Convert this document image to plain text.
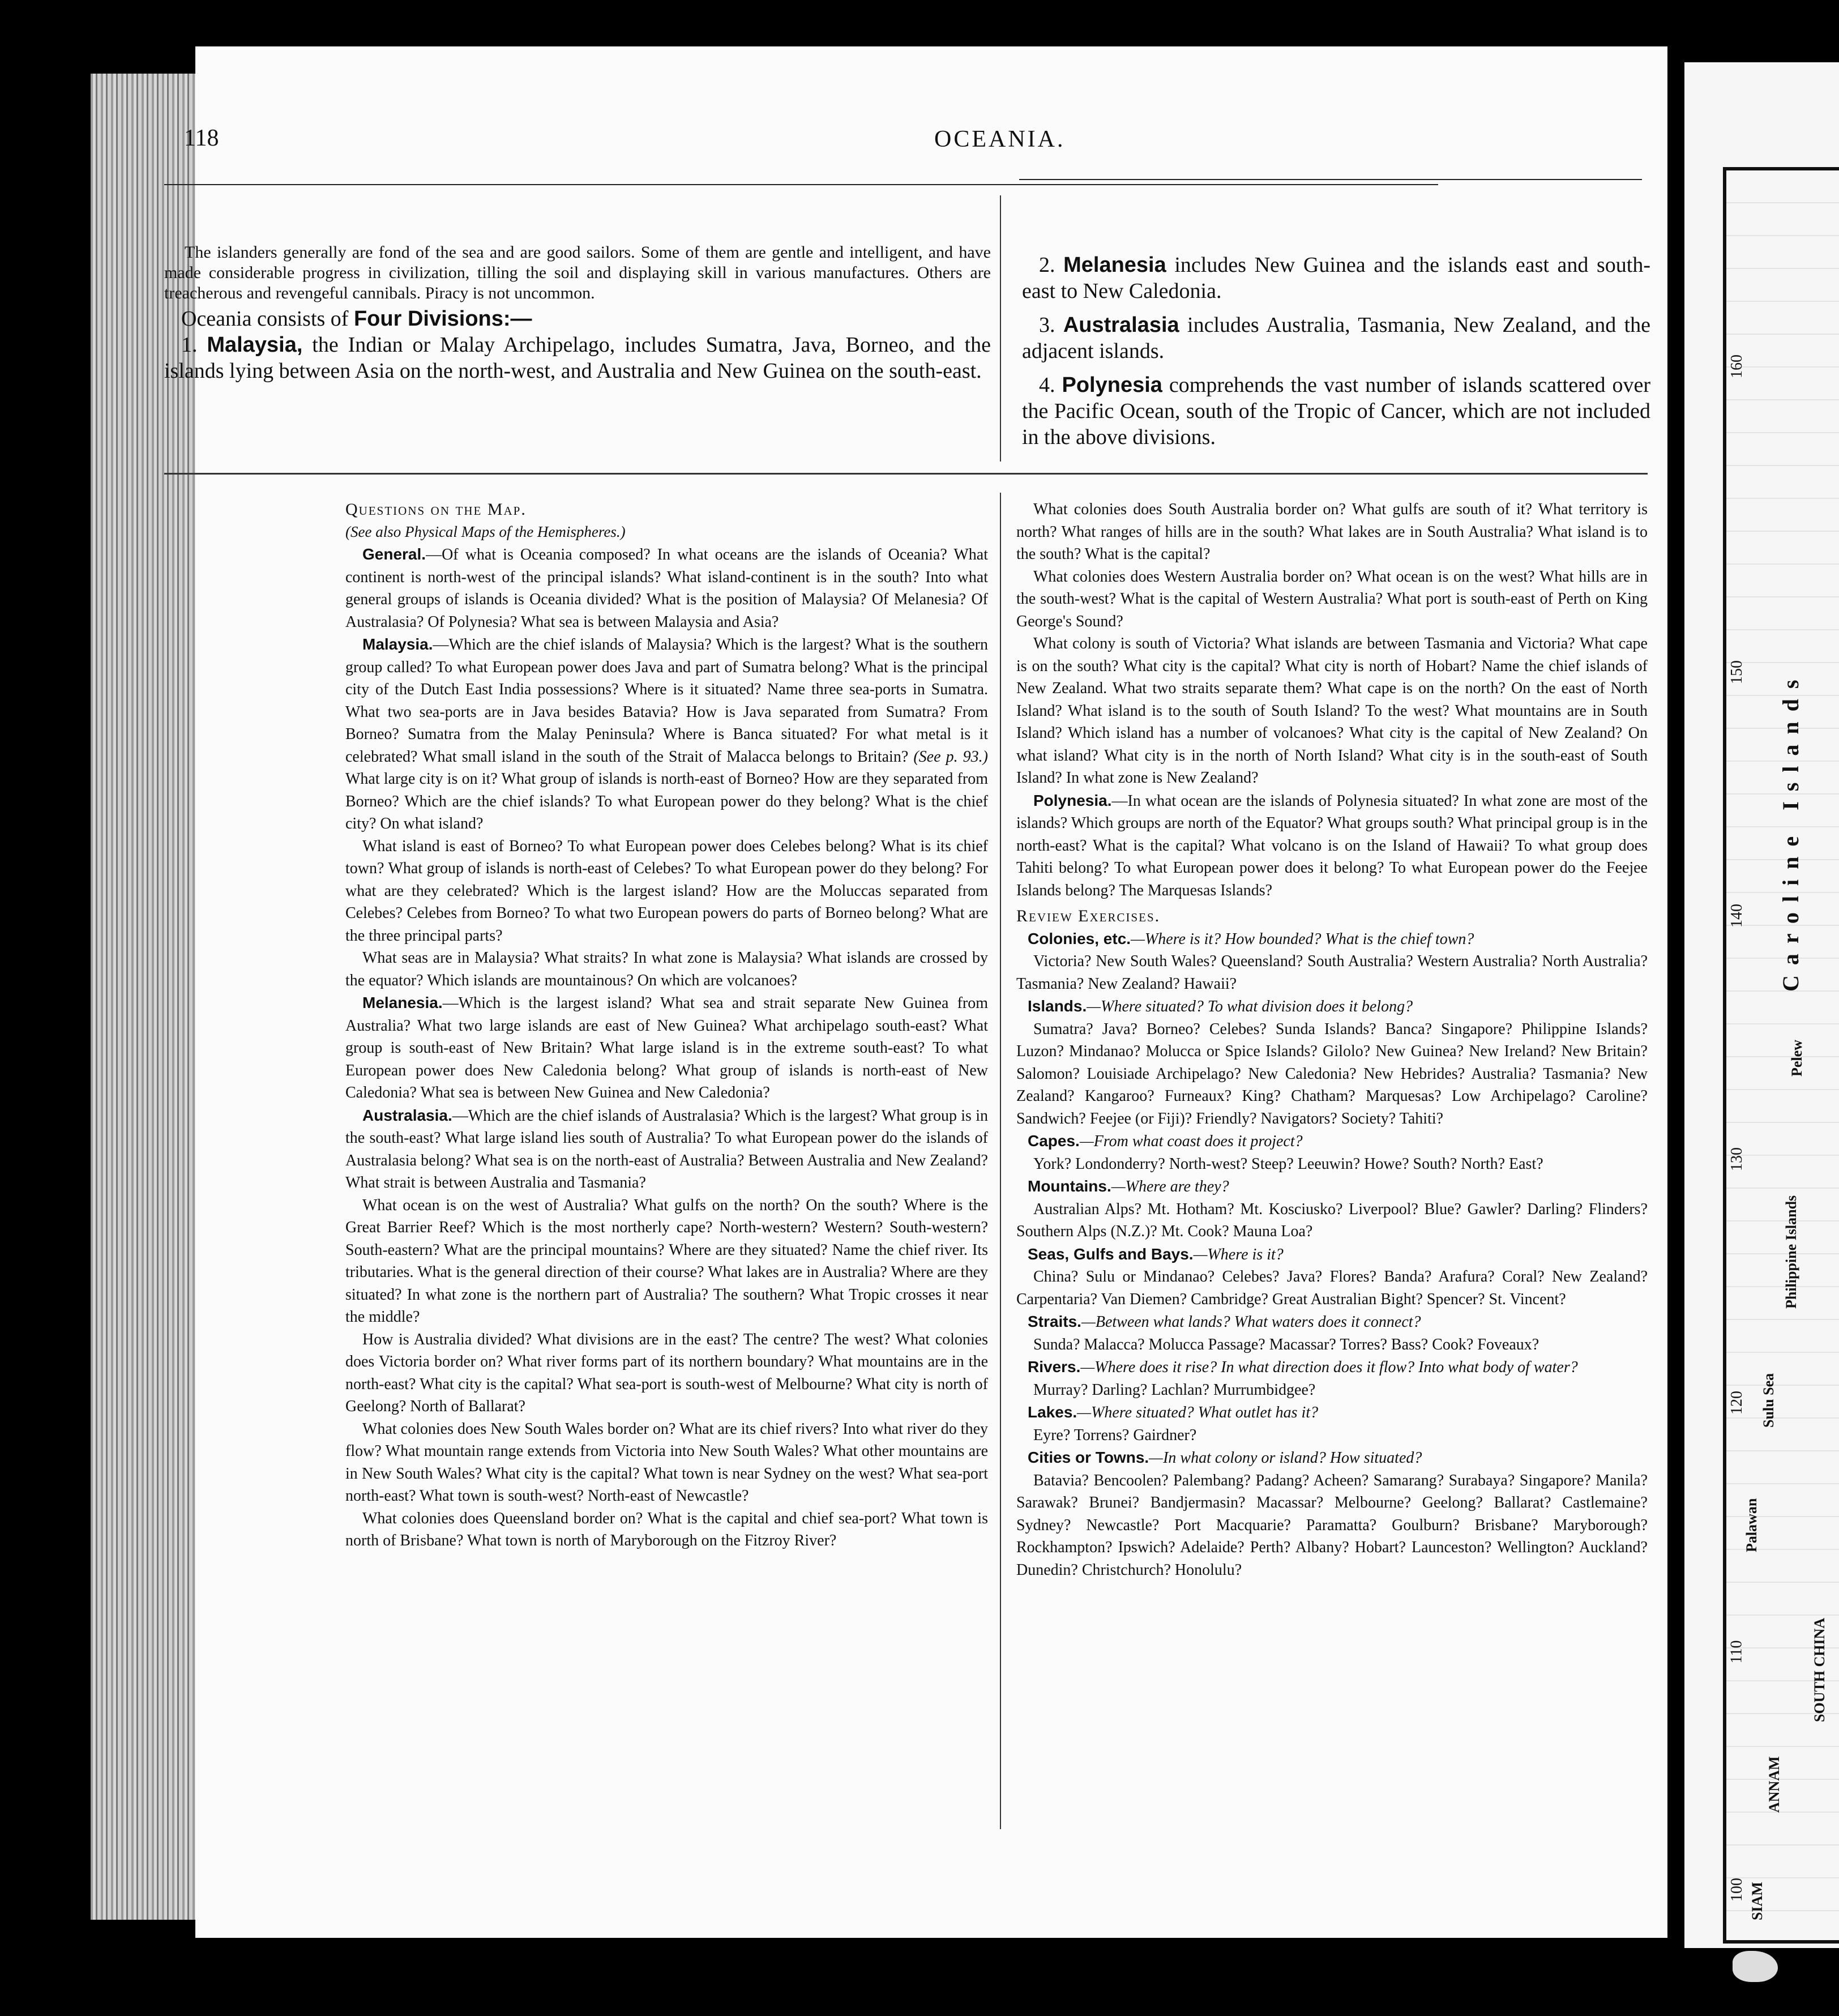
160
150
140
130
120
110
100
Caroline Islands
Philippine Islands
Sulu Sea
Palawan
SOUTH CHINA
ANNAM
SIAM
Pelew
118	OCEANIA.

The islanders generally are fond of the sea and are good sailors. Some of them are gentle and intelligent, and have made considerable progress in civilization, tilling the soil and displaying skill in various manufactures. Others are treacherous and revengeful cannibals. Piracy is not uncommon.

Oceania consists of Four Divisions:—

1. Malaysia, the Indian or Malay Archipelago, includes Sumatra, Java, Borneo, and the islands lying between Asia on the north-west, and Australia and New Guinea on the south-east.

2. Melanesia includes New Guinea and the islands east and south-east to New Caledonia.

3. Australasia includes Australia, Tasmania, New Zealand, and the adjacent islands.

4. Polynesia comprehends the vast number of islands scattered over the Pacific Ocean, south of the Tropic of Cancer, which are not included in the above divisions.

Questions on the Map.

(See also Physical Maps of the Hemispheres.)

General.—Of what is Oceania composed? In what oceans are the islands of Oceania? What continent is north-west of the principal islands? What island-continent is in the south? Into what general groups of islands is Oceania divided? What is the position of Malaysia? Of Melanesia? Of Australasia? Of Polynesia? What sea is between Malaysia and Asia?

Malaysia.—Which are the chief islands of Malaysia? Which is the largest? What is the southern group called? To what European power does Java and part of Sumatra belong? What is the principal city of the Dutch East India possessions? Where is it situated? Name three sea-ports in Sumatra. What two sea-ports are in Java besides Batavia? How is Java separated from Sumatra? From Borneo? Sumatra from the Malay Peninsula? Where is Banca situated? For what metal is it celebrated? What small island in the south of the Strait of Malacca belongs to Britain? (See p. 93.) What large city is on it? What group of islands is north-east of Borneo? How are they separated from Borneo? Which are the chief islands? To what European power do they belong? What is the chief city? On what island?

What island is east of Borneo? To what European power does Celebes belong? What is its chief town? What group of islands is north-east of Celebes? To what European power do they belong? For what are they celebrated? Which is the largest island? How are the Moluccas separated from Celebes? Celebes from Borneo? To what two European powers do parts of Borneo belong? What are the three principal parts?

What seas are in Malaysia? What straits? In what zone is Malaysia? What islands are crossed by the equator? Which islands are mountainous? On which are volcanoes?

Melanesia.—Which is the largest island? What sea and strait separate New Guinea from Australia? What two large islands are east of New Guinea? What archipelago south-east? What group is south-east of New Britain? What large island is in the extreme south-east? To what European power does New Caledonia belong? What group of islands is north-east of New Caledonia? What sea is between New Guinea and New Caledonia?

Australasia.—Which are the chief islands of Australasia? Which is the largest? What group is in the south-east? What large island lies south of Australia? To what European power do the islands of Australasia belong? What sea is on the north-east of Australia? Between Australia and New Zealand? What strait is between Australia and Tasmania?

What ocean is on the west of Australia? What gulfs on the north? On the south? Where is the Great Barrier Reef? Which is the most northerly cape? North-western? Western? South-western? South-eastern? What are the principal mountains? Where are they situated? Name the chief river. Its tributaries. What is the general direction of their course? What lakes are in Australia? Where are they situated? In what zone is the northern part of Australia? The southern? What Tropic crosses it near the middle?

How is Australia divided? What divisions are in the east? The centre? The west? What colonies does Victoria border on? What river forms part of its northern boundary? What mountains are in the north-east? What city is the capital? What sea-port is south-west of Melbourne? What city is north of Geelong? North of Ballarat?

What colonies does New South Wales border on? What are its chief rivers? Into what river do they flow? What mountain range extends from Victoria into New South Wales? What other mountains are in New South Wales? What city is the capital? What town is near Sydney on the west? What sea-port north-east? What town is south-west? North-east of Newcastle?

What colonies does Queensland border on? What is the capital and chief sea-port? What town is north of Brisbane? What town is north of Maryborough on the Fitzroy River?

What colonies does South Australia border on? What gulfs are south of it? What territory is north? What ranges of hills are in the south? What lakes are in South Australia? What island is to the south? What is the capital?

What colonies does Western Australia border on? What ocean is on the west? What hills are in the south-west? What is the capital of Western Australia? What port is south-east of Perth on King George's Sound?

What colony is south of Victoria? What islands are between Tasmania and Victoria? What cape is on the south? What city is the capital? What city is north of Hobart? Name the chief islands of New Zealand. What two straits separate them? What cape is on the north? On the east of North Island? What island is to the south of South Island? To the west? What mountains are in South Island? Which island has a number of volcanoes? What city is the capital of New Zealand? On what island? What city is in the north of North Island? What city is in the south-east of South Island? In what zone is New Zealand?

Polynesia.—In what ocean are the islands of Polynesia situated? In what zone are most of the islands? Which groups are north of the Equator? What groups south? What principal group is in the north-east? What is the capital? What volcano is on the Island of Hawaii? To what group does Tahiti belong? To what European power does it belong? To what European power do the Feejee Islands belong? The Marquesas Islands?

Review Exercises.

Colonies, etc.—Where is it? How bounded? What is the chief town?

Victoria? New South Wales? Queensland? South Australia? Western Australia? North Australia? Tasmania? New Zealand? Hawaii?

Islands.—Where situated? To what division does it belong?

Sumatra? Java? Borneo? Celebes? Sunda Islands? Banca? Singapore? Philippine Islands? Luzon? Mindanao? Molucca or Spice Islands? Gilolo? New Guinea? New Ireland? New Britain? Salomon? Louisiade Archipelago? New Caledonia? New Hebrides? Australia? Tasmania? New Zealand? Kangaroo? Furneaux? King? Chatham? Marquesas? Low Archipelago? Caroline? Sandwich? Feejee (or Fiji)? Friendly? Navigators? Society? Tahiti?

Capes.—From what coast does it project?

York? Londonderry? North-west? Steep? Leeuwin? Howe? South? North? East?

Mountains.—Where are they?

Australian Alps? Mt. Hotham? Mt. Kosciusko? Liverpool? Blue? Gawler? Darling? Flinders? Southern Alps (N.Z.)? Mt. Cook? Mauna Loa?

Seas, Gulfs and Bays.—Where is it?

China? Sulu or Mindanao? Celebes? Java? Flores? Banda? Arafura? Coral? New Zealand? Carpentaria? Van Diemen? Cambridge? Great Australian Bight? Spencer? St. Vincent?

Straits.—Between what lands? What waters does it connect?

Sunda? Malacca? Molucca Passage? Macassar? Torres? Bass? Cook? Foveaux?

Rivers.—Where does it rise? In what direction does it flow? Into what body of water?

Murray? Darling? Lachlan? Murrumbidgee?

Lakes.—Where situated? What outlet has it?

Eyre? Torrens? Gairdner?

Cities or Towns.—In what colony or island? How situated?

Batavia? Bencoolen? Palembang? Padang? Acheen? Samarang? Surabaya? Singapore? Manila? Sarawak? Brunei? Bandjermasin? Macassar? Melbourne? Geelong? Ballarat? Castlemaine? Sydney? Newcastle? Port Macquarie? Paramatta? Goulburn? Brisbane? Maryborough? Rockhampton? Ipswich? Adelaide? Perth? Albany? Hobart? Launceston? Wellington? Auckland? Dunedin? Christchurch? Honolulu?
